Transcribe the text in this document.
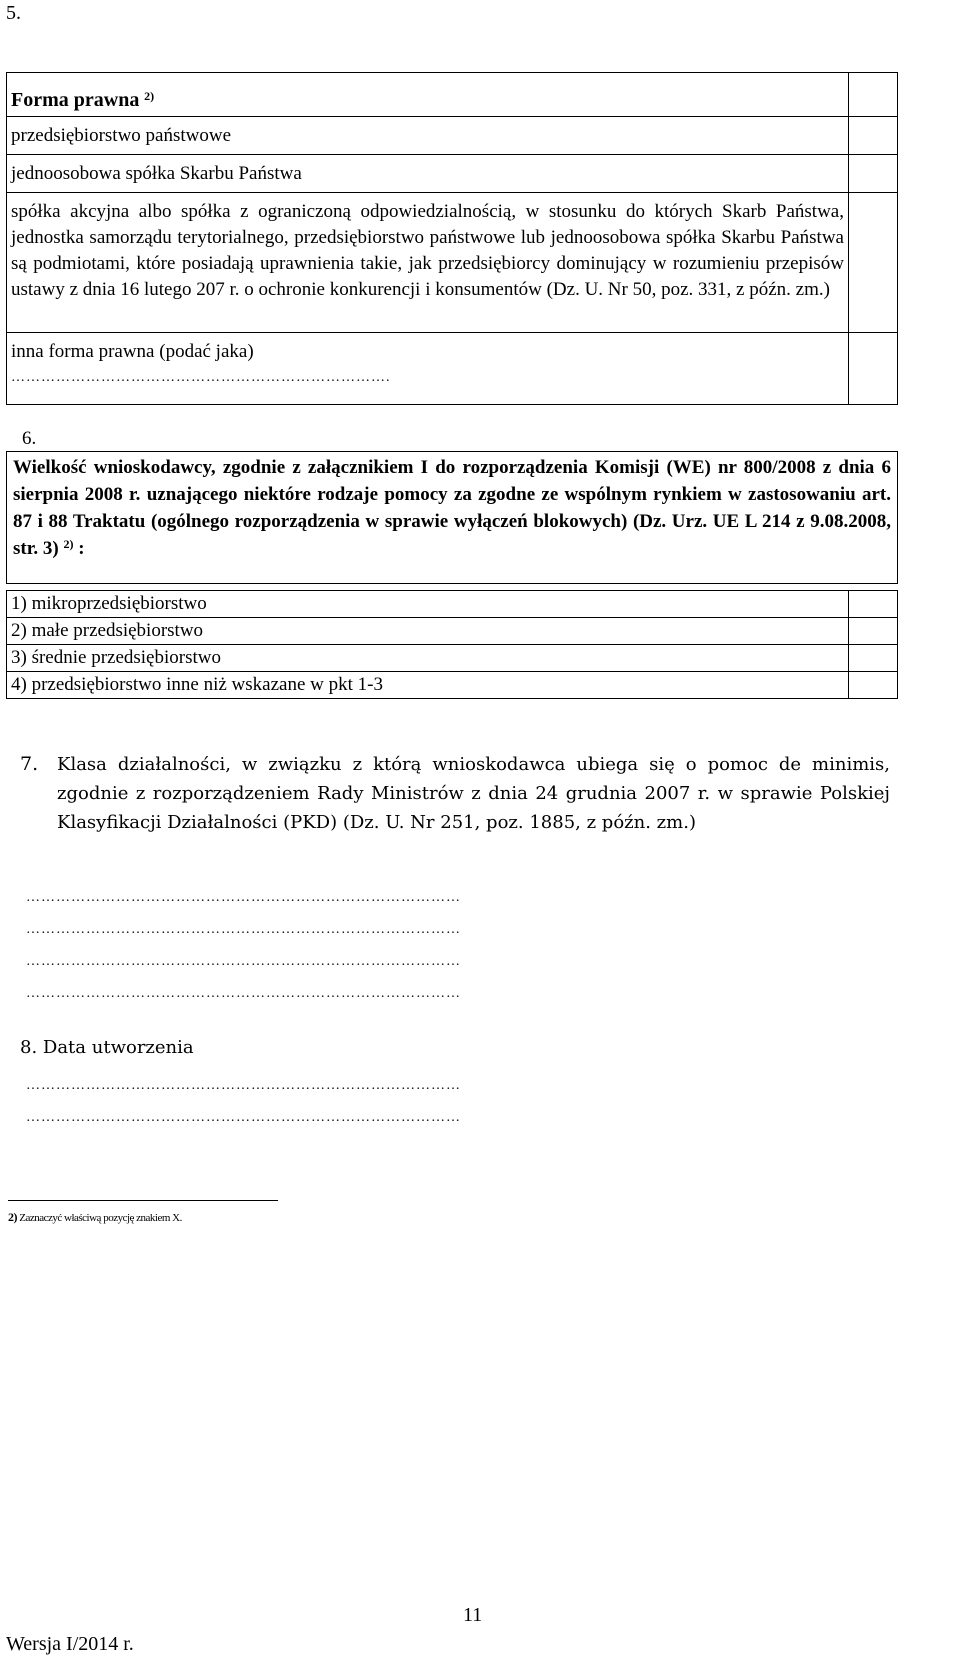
5.
Forma prawna $^{2)}$	
przedsiębiorstwo państwowe	
jednoosobowa spółka Skarbu Państwa	
spółka akcyjna albo spółka z ograniczoną odpowiedzialnością, w stosunku do których Skarb Państwa, jednostka samorządu terytorialnego, przedsiębiorstwo państwowe lub jednoosobowa spółka Skarbu Państwa są podmiotami, które posiadają uprawnienia takie, jak przedsiębiorcy dominujący w rozumieniu przepisów ustawy z dnia 16 lutego 207 r. o ochronie konkurencji i konsumentów (Dz. U. Nr 50, poz. 331, z późn. zm.)	

inna forma prawna (podać jaka)
………………………………………………………………….	

6.
Wielkość wnioskodawcy, zgodnie z załącznikiem I do rozporządzenia Komisji (WE) nr 800/2008 z dnia 6 sierpnia 2008 r. uznającego niektóre rodzaje pomocy za zgodne ze wspólnym rynkiem w zastosowaniu art. 87 i 88 Traktatu (ogólnego rozporządzenia w sprawie wyłączeń blokowych) (Dz. Urz. UE L 214 z 9.08.2008, str. 3) $^{2)}$ :
1) mikroprzedsiębiorstwo	
2) małe przedsiębiorstwo	
3) średnie przedsiębiorstwo	
4) przedsiębiorstwo inne niż wskazane w pkt 1-3	
7. Klasa działalności, w związku z którą wnioskodawca ubiega się o pomoc de minimis, zgodnie z rozporządzeniem Rady Ministrów z dnia 24 grudnia 2007 r. w sprawie Polskiej Klasyfikacji Działalności (PKD) (Dz. U. Nr 251, poz. 1885, z późn. zm.)
……………………………………………………………………………
……………………………………………………………………………
……………………………………………………………………………
……………………………………………………………………………
8. Data utworzenia
……………………………………………………………………………
……………………………………………………………………………
2) Zaznaczyć właściwą pozycję znakiem X.
11
Wersja I/2014 r.
